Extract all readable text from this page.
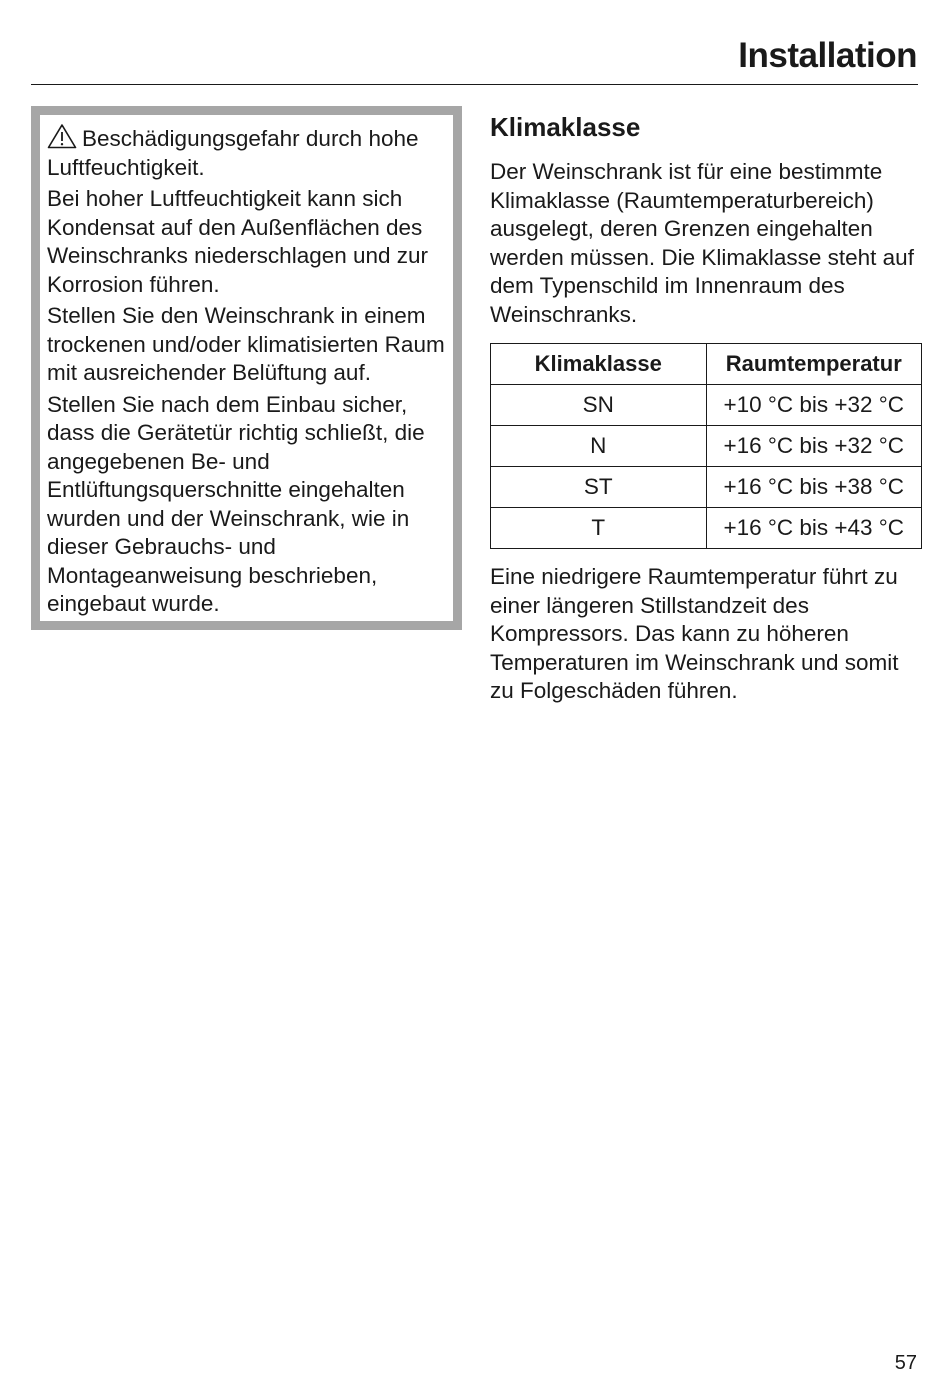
Installation

Beschädigungsgefahr durch hohe Luftfeuchtigkeit.

Bei hoher Luftfeuchtigkeit kann sich Kondensat auf den Außenflächen des Weinschranks niederschlagen und zur Korrosion führen.

Stellen Sie den Weinschrank in einem trockenen und/oder klimatisierten Raum mit ausreichender Belüftung auf.

Stellen Sie nach dem Einbau sicher, dass die Gerätetür richtig schließt, die angegebenen Be- und Entlüftungsquerschnitte eingehalten wurden und der Weinschrank, wie in dieser Gebrauchs- und Montageanweisung beschrieben, eingebaut wurde.

Klimaklasse

Der Weinschrank ist für eine bestimmte Klimaklasse (Raumtemperaturbereich) ausgelegt, deren Grenzen eingehalten werden müssen. Die Klimaklasse steht auf dem Typenschild im Innenraum des Weinschranks.

Klimaklasse	Raumtemperatur
SN	+10 °C bis +32 °C
N	+16 °C bis +32 °C
ST	+16 °C bis +38 °C
T	+16 °C bis +43 °C

Eine niedrigere Raumtemperatur führt zu einer längeren Stillstandzeit des Kompressors. Das kann zu höheren Temperaturen im Weinschrank und somit zu Folgeschäden führen.

57
